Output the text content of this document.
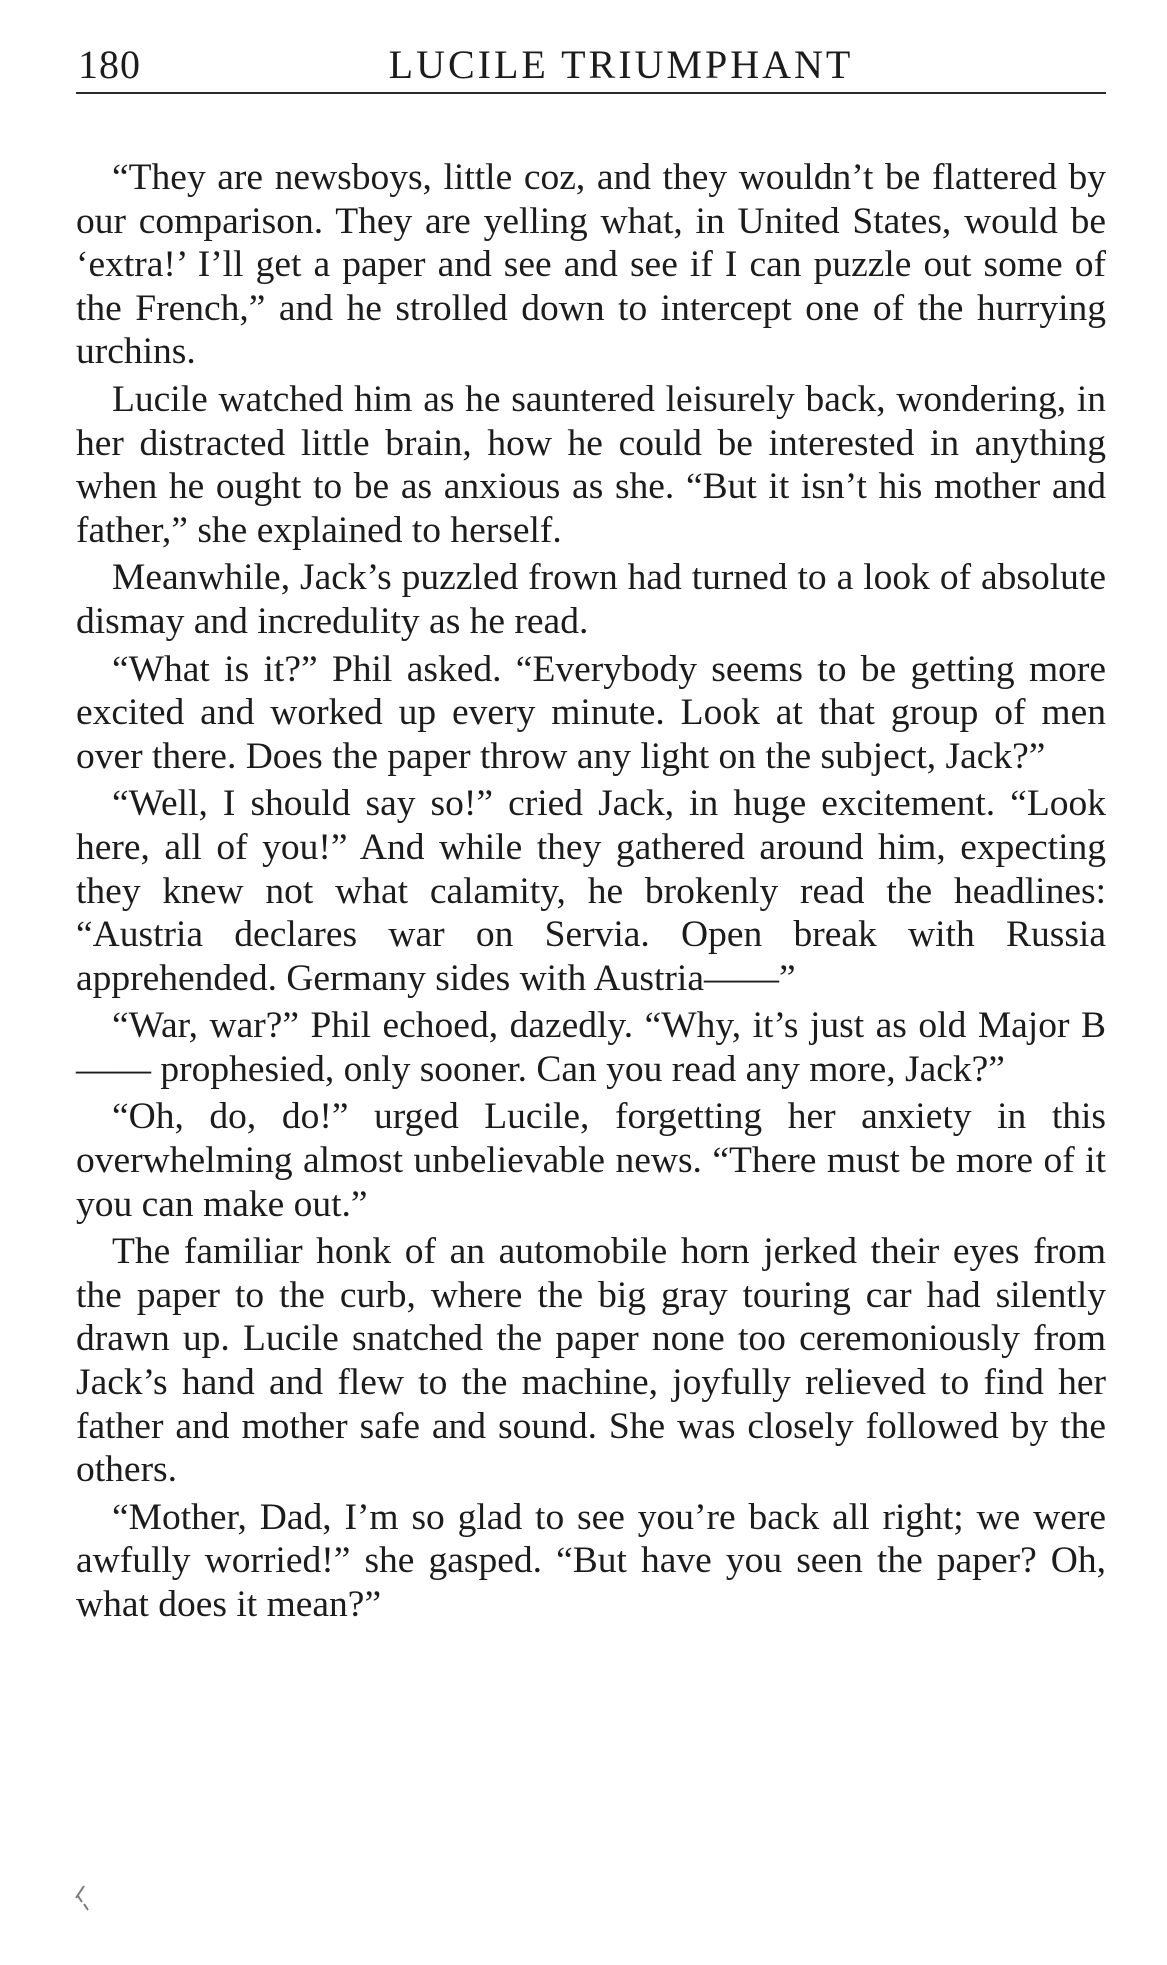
180	LUCILE TRIUMPHANT

“They are newsboys, little coz, and they wouldn’t be flattered by our comparison. They are yelling what, in United States, would be ‘extra!’ I’ll get a paper and see and see if I can puzzle out some of the French,” and he strolled down to intercept one of the hurrying urchins.

Lucile watched him as he sauntered leisurely back, wondering, in her distracted little brain, how he could be interested in anything when he ought to be as anxious as she. “But it isn’t his mother and father,” she explained to herself.

Meanwhile, Jack’s puzzled frown had turned to a look of absolute dismay and incredulity as he read.

“What is it?” Phil asked. “Everybody seems to be getting more excited and worked up every minute. Look at that group of men over there. Does the paper throw any light on the subject, Jack?”

“Well, I should say so!” cried Jack, in huge excitement. “Look here, all of you!” And while they gathered around him, expecting they knew not what calamity, he brokenly read the headlines: “Austria declares war on Servia. Open break with Russia apprehended. Germany sides with Austria——”

“War, war?” Phil echoed, dazedly. “Why, it’s just as old Major B—— prophesied, only sooner. Can you read any more, Jack?”

“Oh, do, do!” urged Lucile, forgetting her anxiety in this overwhelming almost unbelievable news. “There must be more of it you can make out.”

The familiar honk of an automobile horn jerked their eyes from the paper to the curb, where the big gray touring car had silently drawn up. Lucile snatched the paper none too ceremoniously from Jack’s hand and flew to the machine, joyfully relieved to find her father and mother safe and sound. She was closely followed by the others.

“Mother, Dad, I’m so glad to see you’re back all right; we were awfully worried!” she gasped. “But have you seen the paper? Oh, what does it mean?”
